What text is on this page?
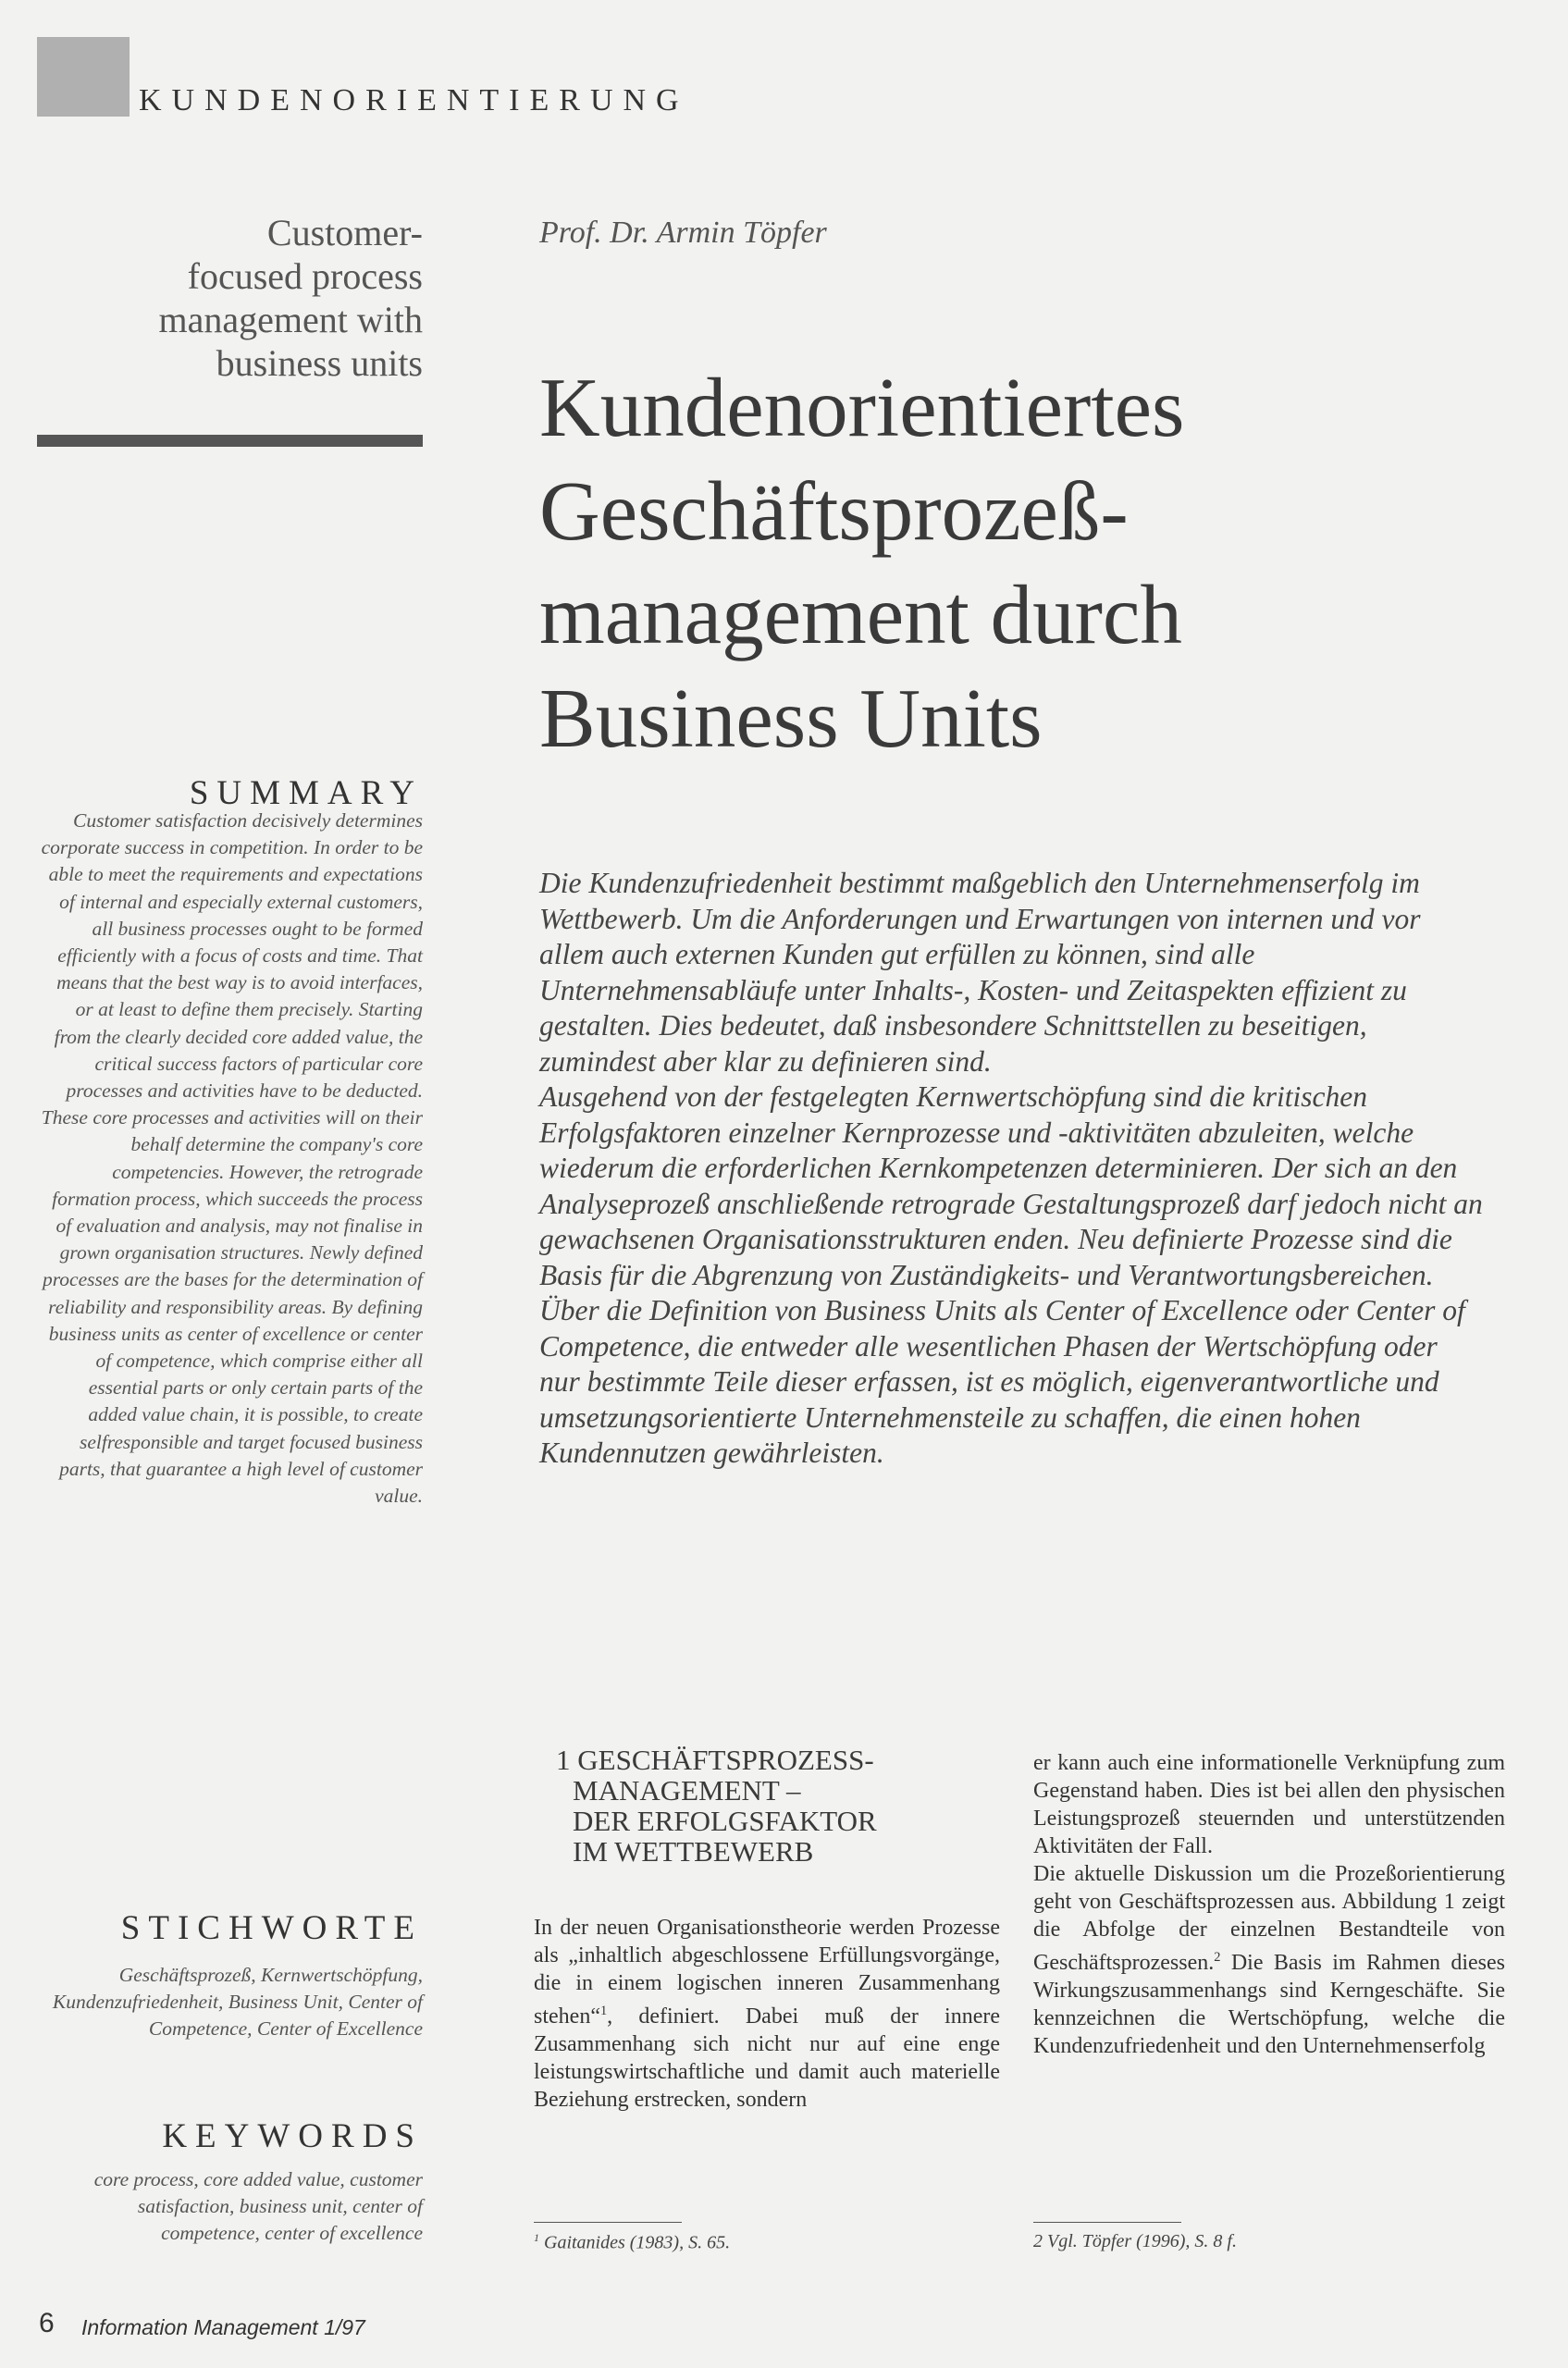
KUNDENORIENTIERUNG
Customer-
focused process
management with
business units
SUMMARY
Customer satisfaction decisively determines corporate success in competition. In order to be able to meet the requirements and expectations of internal and especially external customers, all business processes ought to be formed efficiently with a focus of costs and time. That means that the best way is to avoid interfaces, or at least to define them precisely. Starting from the clearly decided core added value, the critical success factors of particular core processes and activities have to be deducted. These core processes and activities will on their behalf determine the company's core competencies. However, the retrograde formation process, which succeeds the process of evaluation and analysis, may not finalise in grown organisation structures. Newly defined processes are the bases for the determination of reliability and responsibility areas. By defining business units as center of excellence or center of competence, which comprise either all essential parts or only certain parts of the added value chain, it is possible, to create selfresponsible and target focused business parts, that guarantee a high level of customer value.
STICHWORTE
Geschäftsprozeß, Kernwertschöpfung, Kundenzufriedenheit, Business Unit, Center of Competence, Center of Excellence
KEYWORDS
core process, core added value, customer satisfaction, business unit, center of competence, center of excellence
Prof. Dr. Armin Töpfer
Kundenorientiertes
Geschäftsprozeß-
management durch
Business Units
Die Kundenzufriedenheit bestimmt maßgeblich den Unternehmenserfolg im Wettbewerb. Um die Anforderungen und Erwartungen von internen und vor allem auch externen Kunden gut erfüllen zu können, sind alle Unternehmensabläufe unter Inhalts-, Kosten- und Zeitaspekten effizient zu gestalten. Dies bedeutet, daß insbesondere Schnittstellen zu beseitigen, zumindest aber klar zu definieren sind.
Ausgehend von der festgelegten Kernwertschöpfung sind die kritischen Erfolgsfaktoren einzelner Kernprozesse und -aktivitäten abzuleiten, welche wiederum die erforderlichen Kernkompetenzen determinieren. Der sich an den Analyseprozeß anschließende retrograde Gestaltungsprozeß darf jedoch nicht an gewachsenen Organisationsstrukturen enden. Neu definierte Prozesse sind die Basis für die Abgrenzung von Zuständigkeits- und Verantwortungsbereichen. Über die Definition von Business Units als Center of Excellence oder Center of Competence, die entweder alle wesentlichen Phasen der Wertschöpfung oder nur bestimmte Teile dieser erfassen, ist es möglich, eigenverantwortliche und umsetzungsorientierte Unternehmensteile zu schaffen, die einen hohen Kundennutzen gewährleisten.
1 GESCHÄFTSPROZESS-
MANAGEMENT –
DER ERFOLGSFAKTOR
IM WETTBEWERB

In der neuen Organisationstheorie werden Prozesse als „inhaltlich abgeschlossene Erfüllungsvorgänge, die in einem logischen inneren Zusammenhang stehen“$^1$, definiert. Dabei muß der innere Zusammenhang sich nicht nur auf eine enge leistungswirtschaftliche und damit auch materielle Beziehung erstrecken, sondern

er kann auch eine informationelle Verknüpfung zum Gegenstand haben. Dies ist bei allen den physischen Leistungsprozeß steuernden und unterstützenden Aktivitäten der Fall.

Die aktuelle Diskussion um die Prozeßorientierung geht von Geschäftsprozessen aus. Abbildung 1 zeigt die Abfolge der einzelnen Bestandteile von Geschäftsprozessen.$^2$ Die Basis im Rahmen dieses Wirkungszusammenhangs sind Kerngeschäfte. Sie kennzeichnen die Wertschöpfung, welche die Kundenzufriedenheit und den Unternehmenserfolg

$^1$ Gaitanides (1983), S. 65.	2 Vgl. Töpfer (1996), S. 8 f.
6 Information Management 1/97
